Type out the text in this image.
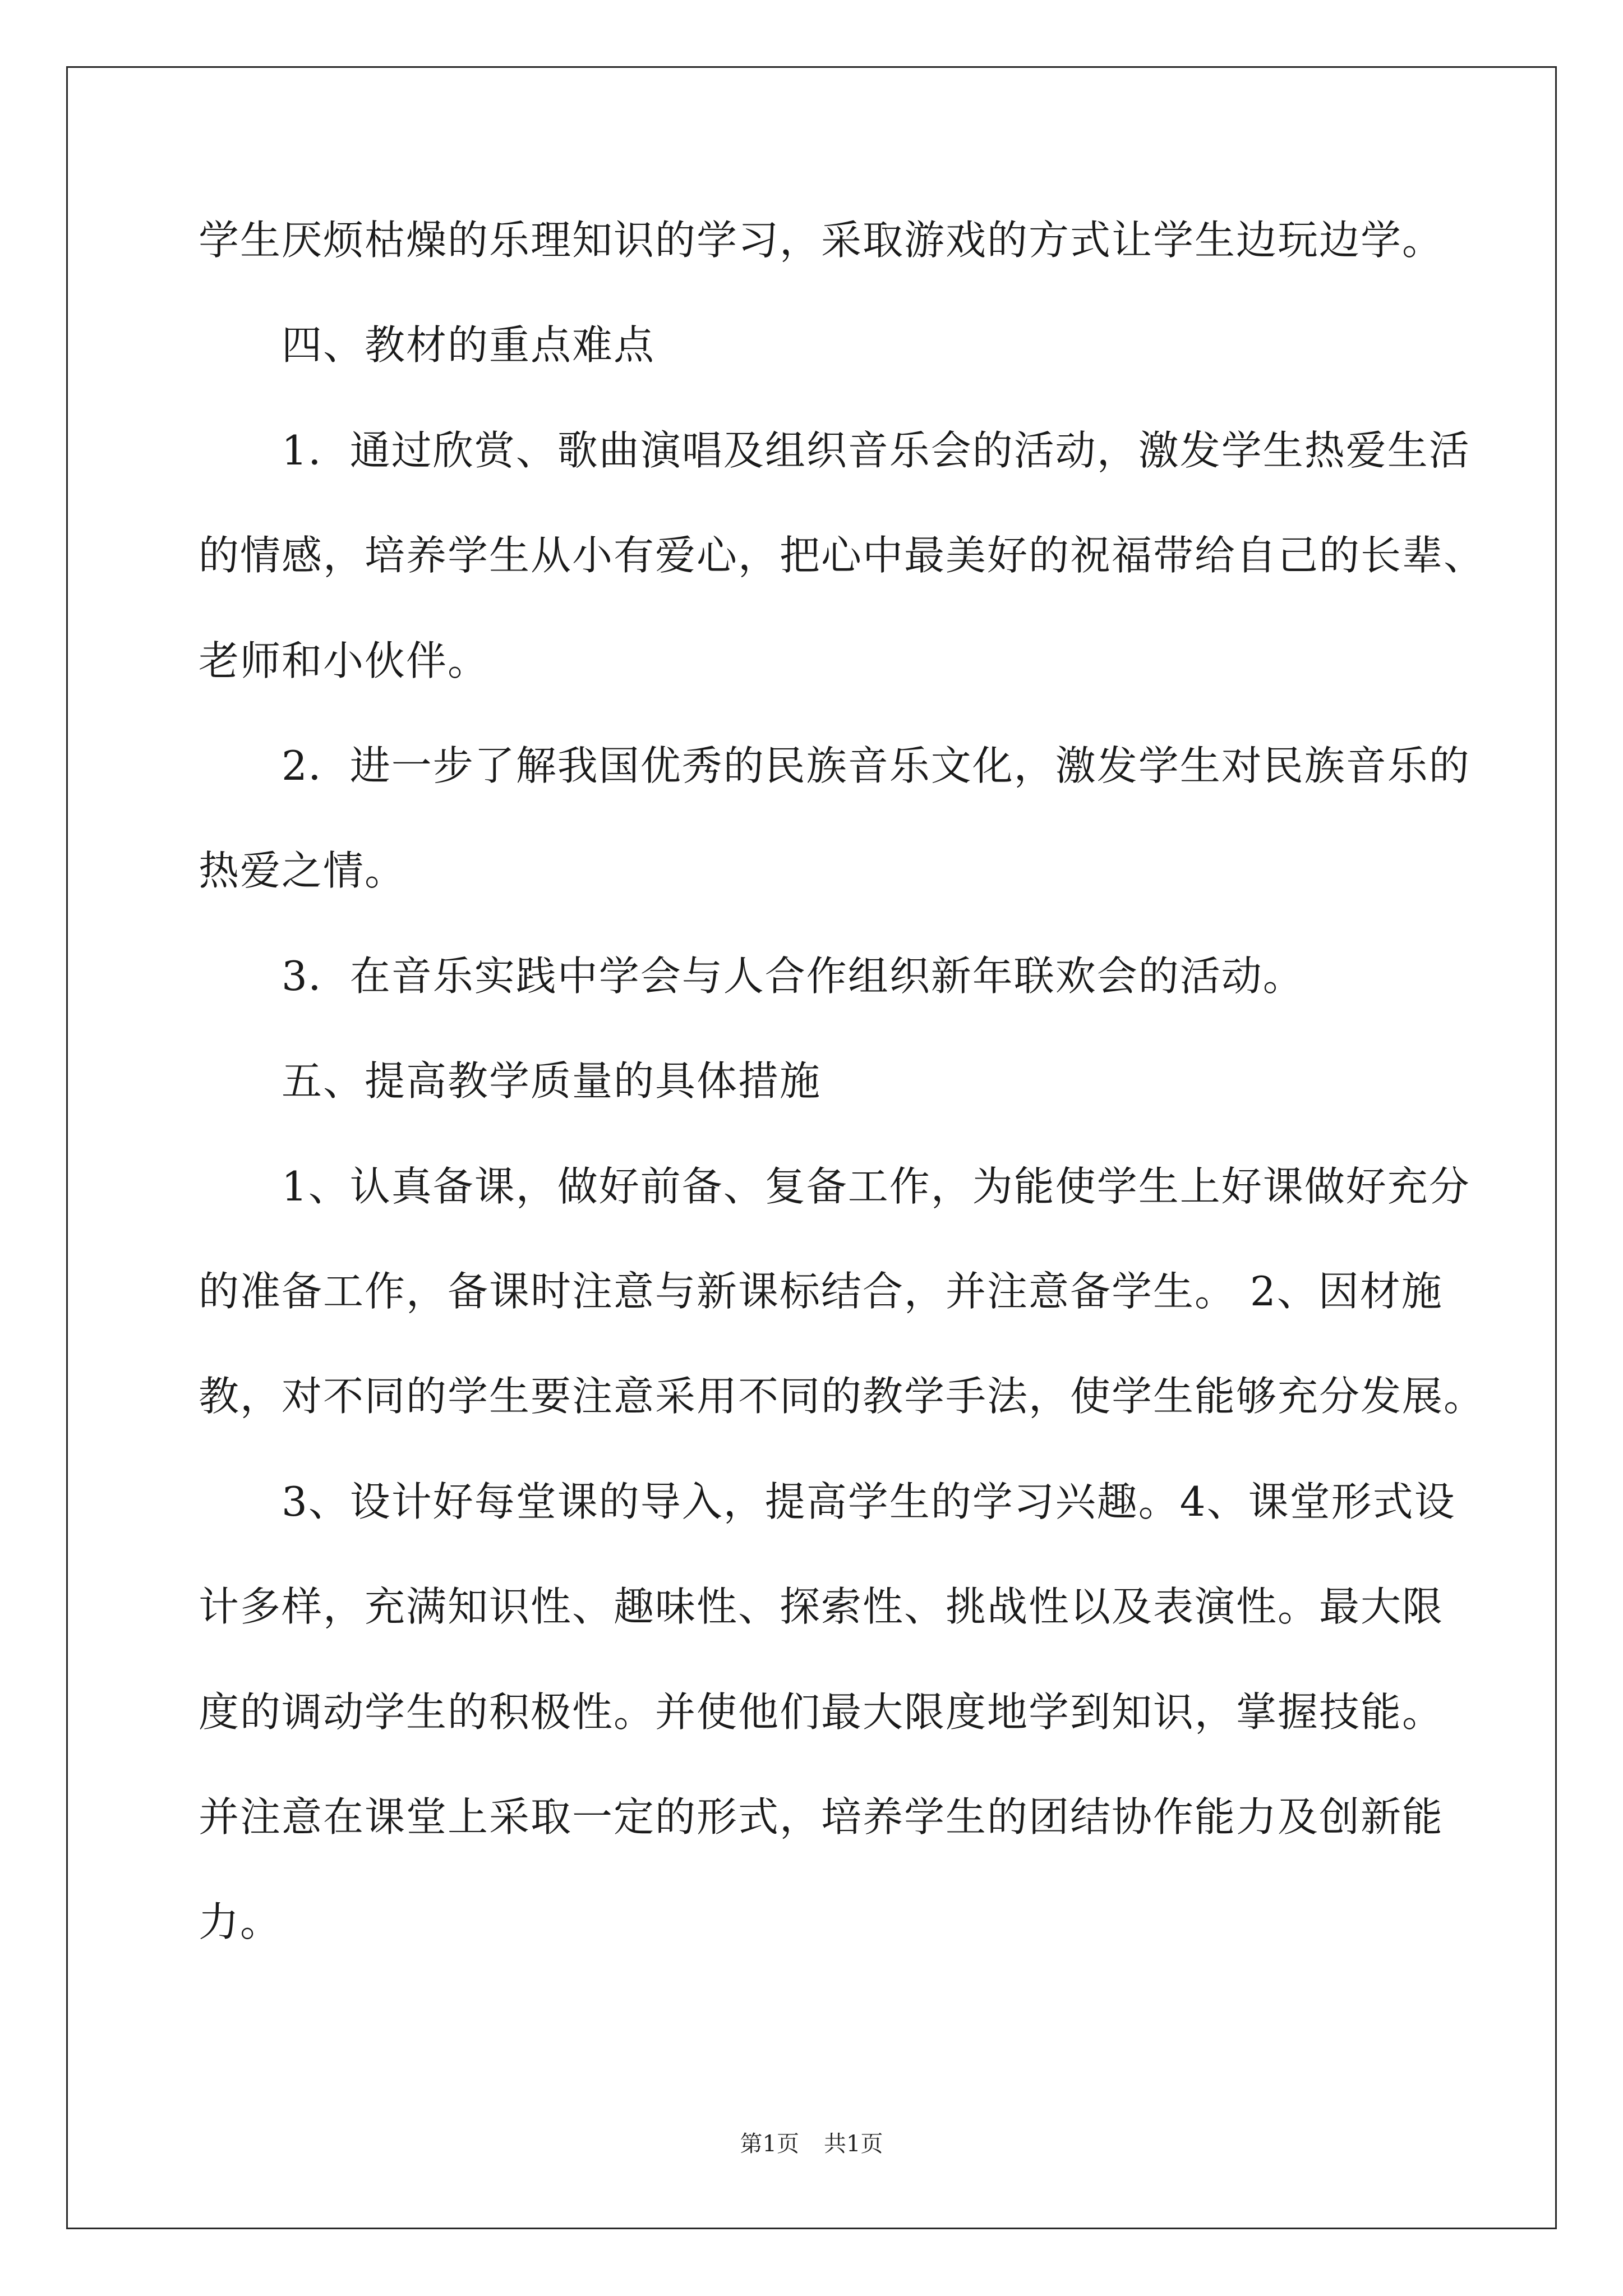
学生厌烦枯燥的乐理知识的学习，采取游戏的方式让学生边玩边学。
四、教材的重点难点
1．通过欣赏、歌曲演唱及组织音乐会的活动，激发学生热爱生活
的情感，培养学生从小有爱心，把心中最美好的祝福带给自己的长辈、
老师和小伙伴。
2．进一步了解我国优秀的民族音乐文化，激发学生对民族音乐的
热爱之情。
3．在音乐实践中学会与人合作组织新年联欢会的活动。
五、提高教学质量的具体措施
1、认真备课，做好前备、复备工作，为能使学生上好课做好充分
的准备工作，备课时注意与新课标结合，并注意备学生。 2、因材施
教，对不同的学生要注意采用不同的教学手法，使学生能够充分发展。
3、设计好每堂课的导入，提高学生的学习兴趣。4、课堂形式设
计多样，充满知识性、趣味性、探索性、挑战性以及表演性。最大限
度的调动学生的积极性。并使他们最大限度地学到知识，掌握技能。
并注意在课堂上采取一定的形式，培养学生的团结协作能力及创新能
力。
第1页 共1页
